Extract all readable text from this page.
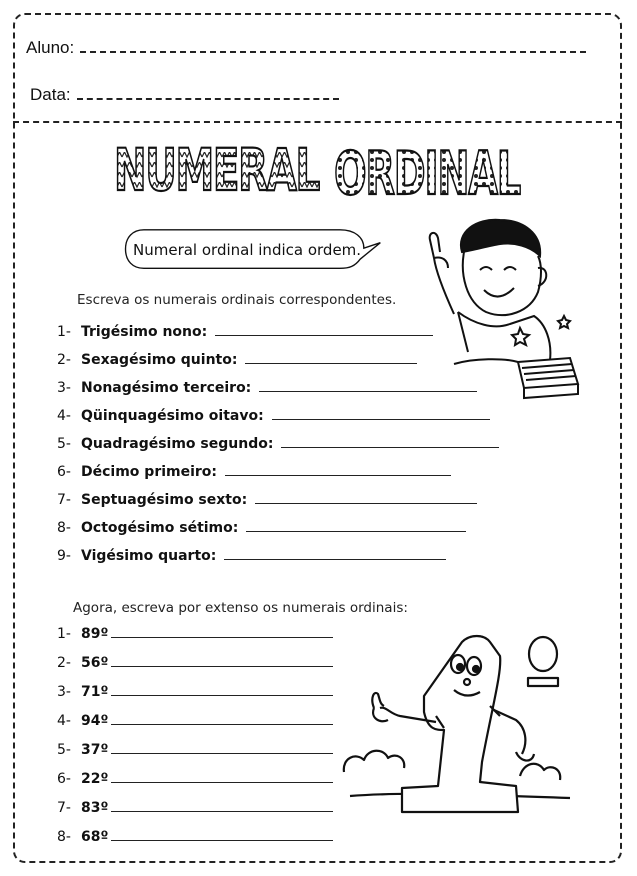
Aluno:
Data:
NUMERAL ORDINAL
Numeral ordinal indica ordem.
Escreva os numerais ordinais correspondentes.
1- Trigésimo nono:
2- Sexagésimo quinto:
3- Nonagésimo terceiro:
4- Qüinquagésimo oitavo:
5- Quadragésimo segundo:
6- Décimo primeiro:
7- Septuagésimo sexto:
8- Octogésimo sétimo:
9- Vigésimo quarto:
Agora, escreva por extenso os numerais ordinais:
1- 89º
2- 56º
3- 71º
4- 94º
5- 37º
6- 22º
7- 83º
8- 68º
